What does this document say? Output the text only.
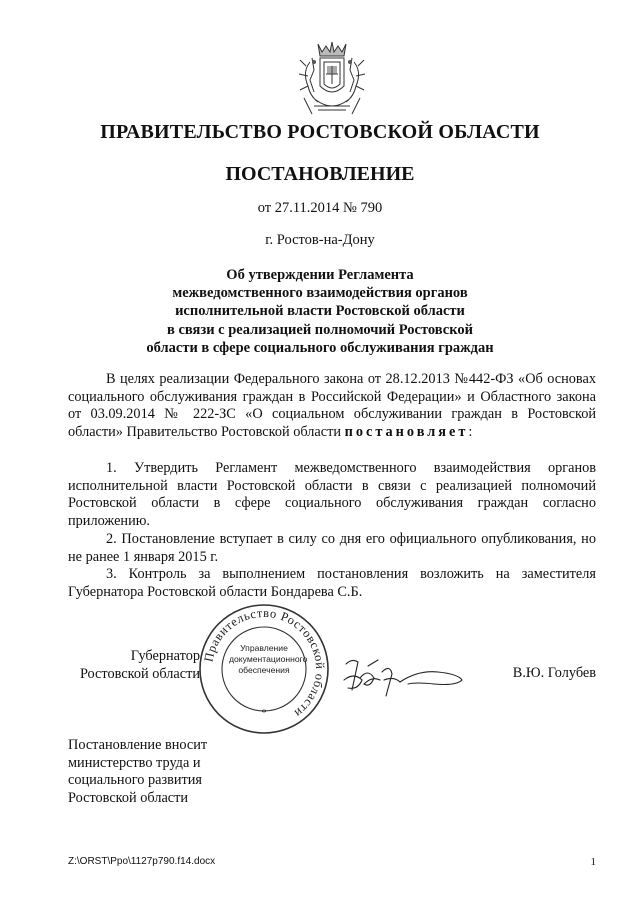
ПРАВИТЕЛЬСТВО РОСТОВСКОЙ ОБЛАСТИ
ПОСТАНОВЛЕНИЕ
от 27.11.2014 № 790
г. Ростов-на-Дону
Об утверждении Регламента
межведомственного взаимодействия органов
исполнительной власти Ростовской области
в связи с реализацией полномочий Ростовской
области в сфере социального обслуживания граждан
В целях реализации Федерального закона от 28.12.2013 №442-ФЗ «Об основах социального обслуживания граждан в Российской Федерации» и Областного закона от 03.09.2014 № 222-ЗС «О социальном обслуживании граждан в Ростовской области» Правительство Ростовской области постановляет:
1. Утвердить Регламент межведомственного взаимодействия органов исполнительной власти Ростовской области в связи с реализацией полномочий Ростовской области в сфере социального обслуживания граждан согласно приложению.
2. Постановление вступает в силу со дня его официального опубликования, но не ранее 1 января 2015 г.
3. Контроль за выполнением постановления возложить на заместителя Губернатора Ростовской области Бондарева С.Б.
Губернатор
Ростовской области
Правительство Ростовской области
*
Управление
документационного
обеспечения	В.Ю. Голубев
Постановление вносит
министерство труда и
социального развития
Ростовской области
Z:\ORST\Ppo\1127p790.f14.docx	1
